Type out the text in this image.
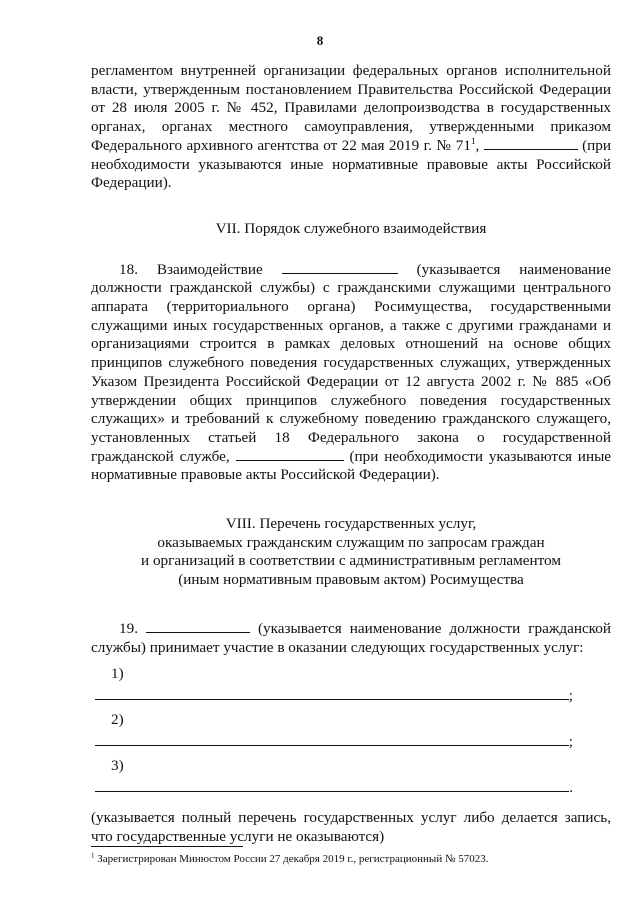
8

регламентом внутренней организации федеральных органов исполнительной власти, утвержденным постановлением Правительства Российской Федерации от 28 июля 2005 г. № 452, Правилами делопроизводства в государственных органах, органах местного самоуправления, утвержденными приказом Федерального архивного агентства от 22 мая 2019 г. № $71^1$,	(при необходимости указываются иные нормативные правовые акты Российской Федерации).

VII. Порядок служебного взаимодействия

18. Взаимодействие	(указывается наименование должности гражданской службы) с гражданскими служащими центрального аппарата (территориального органа) Росимущества, государственными служащими иных государственных органов, а также с другими гражданами и организациями строится в рамках деловых отношений на основе общих принципов служебного поведения государственных служащих, утвержденных Указом Президента Российской Федерации от 12 августа 2002 г. № 885 «Об утверждении общих принципов служебного поведения государственных служащих» и требований к служебному поведению гражданского служащего, установленных статьей 18 Федерального закона о государственной гражданской службе,	(при необходимости указываются иные нормативные правовые акты Российской Федерации).

VIII. Перечень государственных услуг,
оказываемых гражданским служащим по запросам граждан
и организаций в соответствии с административным регламентом
(иным нормативным правовым актом) Росимущества

19.	(указывается наименование должности гражданской службы) принимает участие в оказании следующих государственных услуг:

1)
;
2)
;
3)
.

(указывается полный перечень государственных услуг либо делается запись, что государственные услуги не оказываются)

$^1$ Зарегистрирован Минюстом России 27 декабря 2019 г., регистрационный № 57023.
